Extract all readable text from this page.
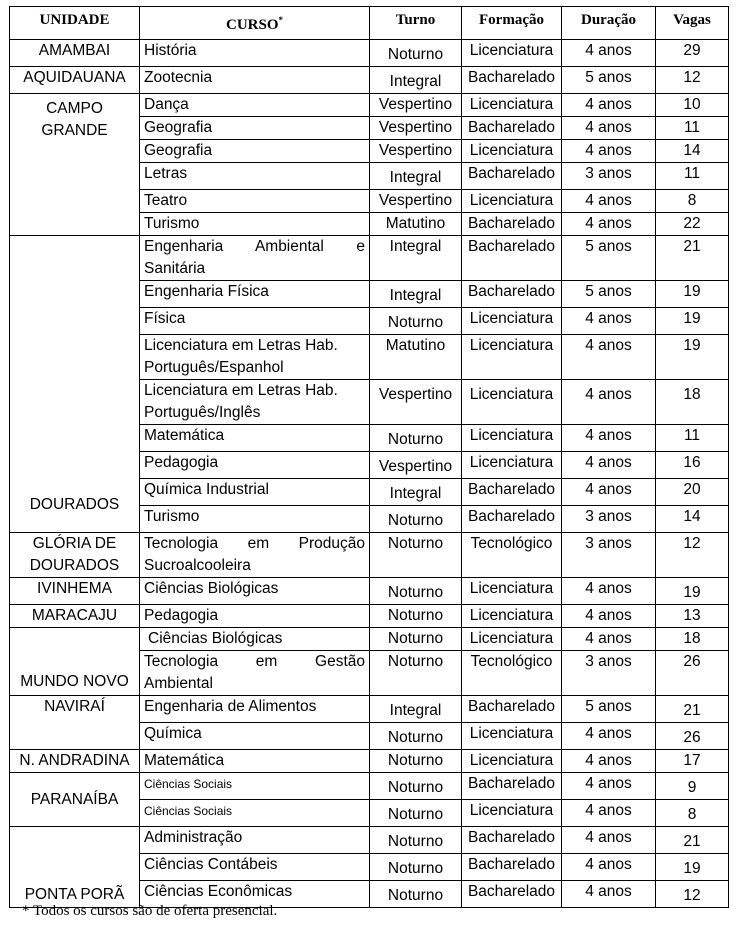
UNIDADE	CURSO*	Turno	Formação	Duração	Vagas
AMAMBAI	História	Noturno	Licenciatura	4 anos	29
AQUIDAUANA	Zootecnia	Integral	Bacharelado	5 anos	12
CAMPO GRANDE	Dança	Vespertino	Licenciatura	4 anos	10
	Geografia	Vespertino	Bacharelado	4 anos	11
	Geografia	Vespertino	Licenciatura	4 anos	14
	Letras	Integral	Bacharelado	3 anos	11
	Teatro	Vespertino	Licenciatura	4 anos	8
	Turismo	Matutino	Bacharelado	4 anos	22
DOURADOS	Engenharia Ambiental e Sanitária	Integral	Bacharelado	5 anos	21
	Engenharia Física	Integral	Bacharelado	5 anos	19
	Física	Noturno	Licenciatura	4 anos	19
	Licenciatura em Letras Hab. Português/Espanhol	Matutino	Licenciatura	4 anos	19
	Licenciatura em Letras Hab. Português/Inglês	Vespertino	Licenciatura	4 anos	18
	Matemática	Noturno	Licenciatura	4 anos	11
	Pedagogia	Vespertino	Licenciatura	4 anos	16
	Química Industrial	Integral	Bacharelado	4 anos	20
	Turismo	Noturno	Bacharelado	3 anos	14
GLÓRIA DE DOURADOS	Tecnologia em Produção Sucroalcooleira	Noturno	Tecnológico	3 anos	12
IVINHEMA	Ciências Biológicas	Noturno	Licenciatura	4 anos	19
MARACAJU	Pedagogia	Noturno	Licenciatura	4 anos	13
MUNDO NOVO	Ciências Biológicas	Noturno	Licenciatura	4 anos	18
	Tecnologia em Gestão Ambiental	Noturno	Tecnológico	3 anos	26
NAVIRAÍ	Engenharia de Alimentos	Integral	Bacharelado	5 anos	21
	Química	Noturno	Licenciatura	4 anos	26
N. ANDRADINA	Matemática	Noturno	Licenciatura	4 anos	17
PARANAÍBA	Ciências Sociais	Noturno	Bacharelado	4 anos	9
	Ciências Sociais	Noturno	Licenciatura	4 anos	8
PONTA PORÃ	Administração	Noturno	Bacharelado	4 anos	21
	Ciências Contábeis	Noturno	Bacharelado	4 anos	19
	Ciências Econômicas	Noturno	Bacharelado	4 anos	12
* Todos os cursos são de oferta presencial.
